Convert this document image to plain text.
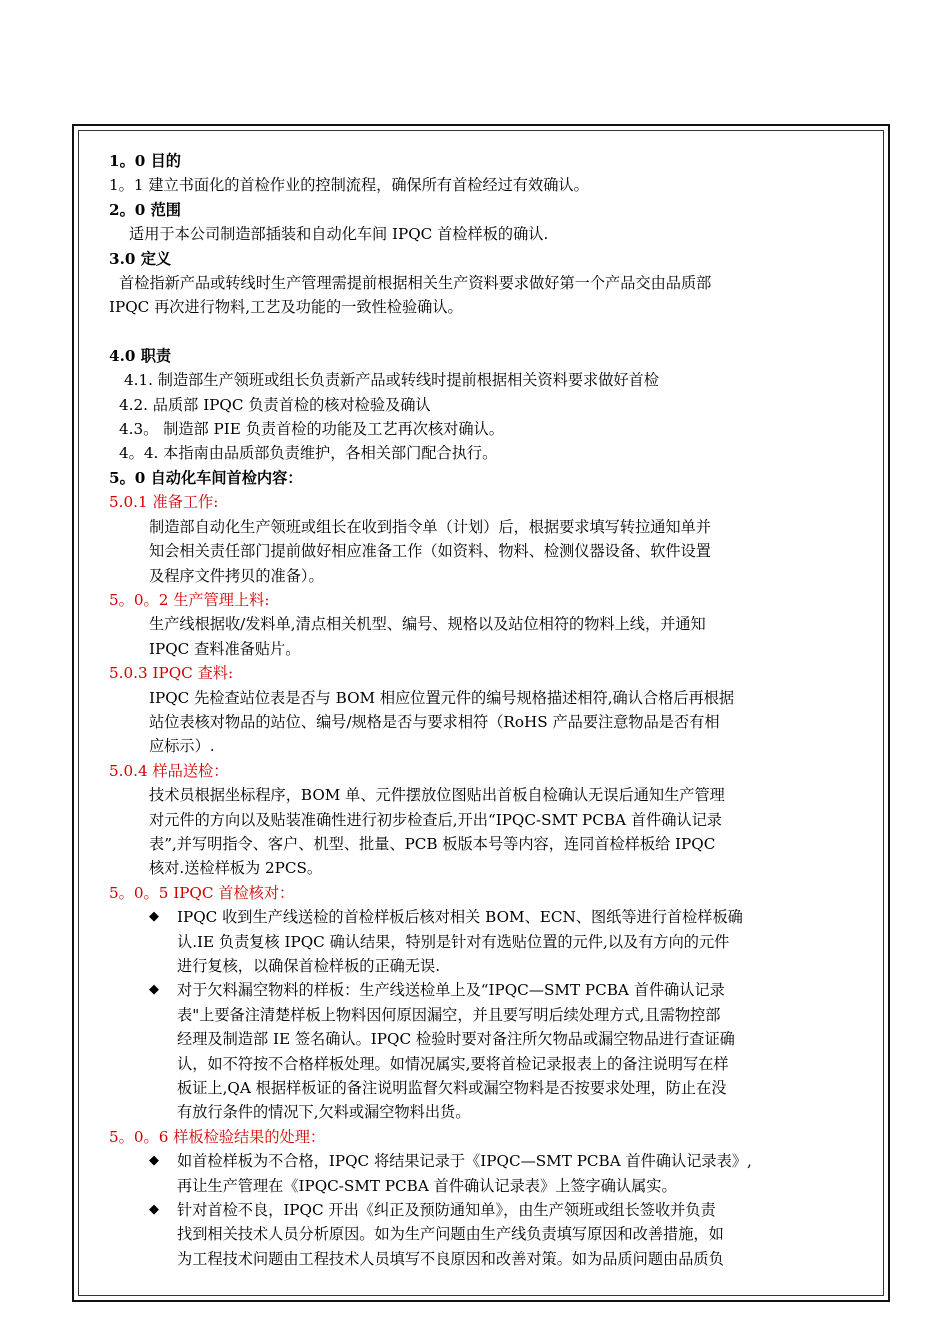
1。0 目的
1。1 建立书面化的首检作业的控制流程，确保所有首检经过有效确认。
2。0 范围
适用于本公司制造部插装和自动化车间 IPQC 首检样板的确认.
3.0 定义
首检指新产品或转线时生产管理需提前根据相关生产资料要求做好第一个产品交由品质部
IPQC 再次进行物料,工艺及功能的一致性检验确认。
4.0 职责
4.1. 制造部生产领班或组长负责新产品或转线时提前根据相关资料要求做好首检
4.2. 品质部 IPQC 负责首检的核对检验及确认
4.3。 制造部 PIE 负责首检的功能及工艺再次核对确认。
4。4. 本指南由品质部负责维护，各相关部门配合执行。
5。0 自动化车间首检内容：
5.0.1 准备工作:
制造部自动化生产领班或组长在收到指令单（计划）后，根据要求填写转拉通知单并
知会相关责任部门提前做好相应准备工作（如资料、物料、检测仪器设备、软件设置
及程序文件拷贝的准备）。
5。0。2 生产管理上料:
生产线根据收/发料单,清点相关机型、编号、规格以及站位相符的物料上线，并通知
IPQC 查料准备贴片。
5.0.3 IPQC 查料:
IPQC 先检查站位表是否与 BOM 相应位置元件的编号规格描述相符,确认合格后再根据
站位表核对物品的站位、编号/规格是否与要求相符（RoHS 产品要注意物品是否有相
应标示）.
5.0.4 样品送检：
技术员根据坐标程序，BOM 单、元件摆放位图贴出首板自检确认无误后通知生产管理
对元件的方向以及贴装准确性进行初步检查后,开出“IPQC-SMT PCBA 首件确认记录
表”,并写明指令、客户、机型、批量、PCB 板版本号等内容，连同首检样板给 IPQC
核对.送检样板为 2PCS。
5。0。5 IPQC 首检核对：
◆ IPQC 收到生产线送检的首检样板后核对相关 BOM、ECN、图纸等进行首检样板确
认.IE 负责复核 IPQC 确认结果，特别是针对有选贴位置的元件,以及有方向的元件
进行复核，以确保首检样板的正确无误.
◆ 对于欠料漏空物料的样板：生产线送检单上及“IPQC—SMT PCBA 首件确认记录
表"上要备注清楚样板上物料因何原因漏空，并且要写明后续处理方式,且需物控部
经理及制造部 IE 签名确认。IPQC 检验时要对备注所欠物品或漏空物品进行查证确
认，如不符按不合格样板处理。如情况属实,要将首检记录报表上的备注说明写在样
板证上,QA 根据样板证的备注说明监督欠料或漏空物料是否按要求处理，防止在没
有放行条件的情况下,欠料或漏空物料出货。
5。0。6 样板检验结果的处理：
◆ 如首检样板为不合格，IPQC 将结果记录于《IPQC—SMT PCBA 首件确认记录表》,
再让生产管理在《IPQC-SMT PCBA 首件确认记录表》上签字确认属实。
◆ 针对首检不良，IPQC 开出《纠正及预防通知单》，由生产领班或组长签收并负责
找到相关技术人员分析原因。如为生产问题由生产线负责填写原因和改善措施，如
为工程技术问题由工程技术人员填写不良原因和改善对策。如为品质问题由品质负
